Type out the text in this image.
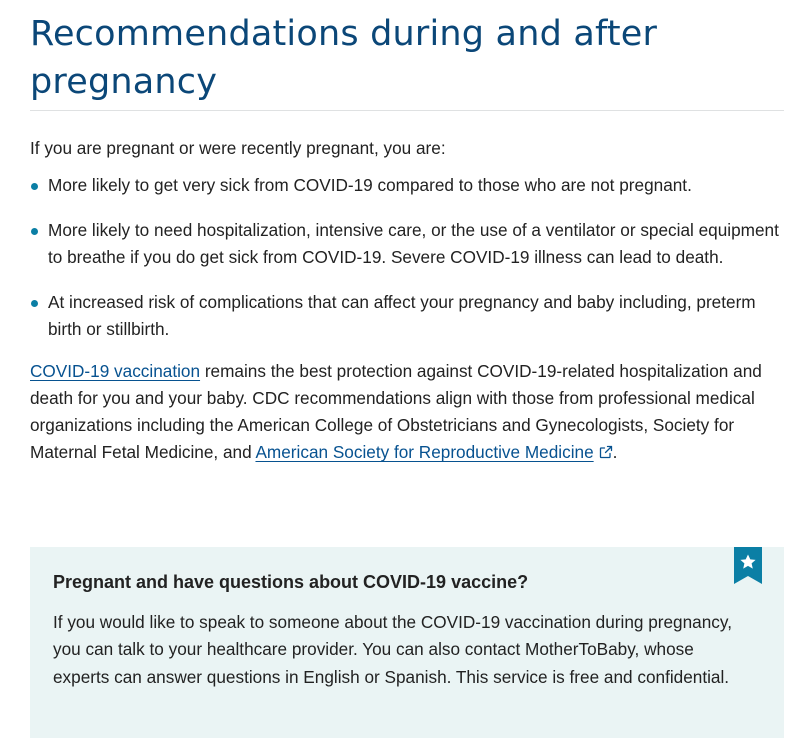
Recommendations during and after pregnancy

If you are pregnant or were recently pregnant, you are:

More likely to get very sick from COVID-19 compared to those who are not pregnant.
More likely to need hospitalization, intensive care, or the use of a ventilator or special equipment to breathe if you do get sick from COVID-19. Severe COVID-19 illness can lead to death.
At increased risk of complications that can affect your pregnancy and baby including, preterm birth or stillbirth.

COVID-19 vaccination remains the best protection against COVID-19-related hospitalization and death for you and your baby. CDC recommendations align with those from professional medical organizations including the American College of Obstetricians and Gynecologists, Society for Maternal Fetal Medicine, and American Society for Reproductive Medicine .

Pregnant and have questions about COVID-19 vaccine?

If you would like to speak to someone about the COVID-19 vaccination during pregnancy, you can talk to your healthcare provider. You can also contact MotherToBaby, whose experts can answer questions in English or Spanish. This service is free and confidential.
